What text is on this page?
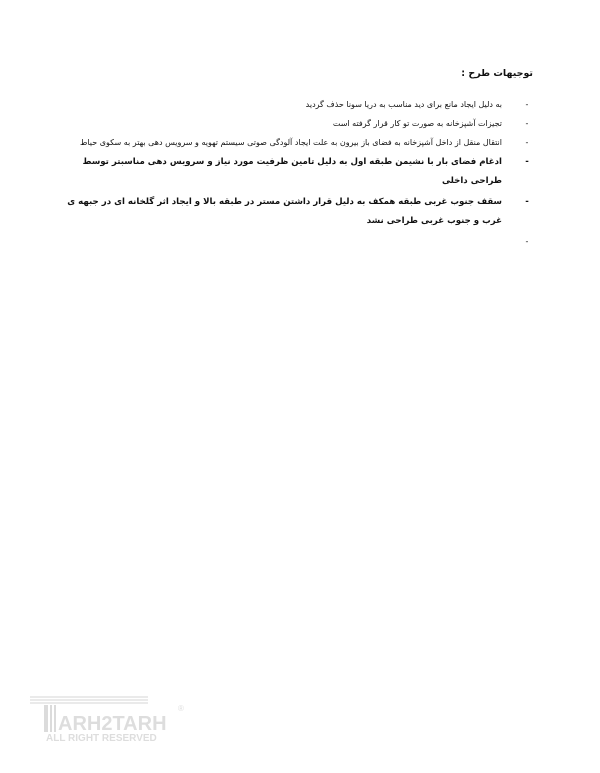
توجیهات طرح :
-
به دلیل ایجاد مانع برای دید مناسب به دریا سونا حذف گردید
-
تجیزات آشپزخانه به صورت تو کار قرار گرفته است
-
انتقال منقل از داخل آشپزخانه به فضای باز بیرون به علت ایجاد آلودگی صوتی سیستم تهویه و سرویس دهی بهتر به سکوی حیاط
-
ادغام فضای بار با نشیمن طبقه اول به دلیل تامین ظرفیت مورد نیاز و سرویس دهی مناسبتر توسط طراحی داخلی
-
سقف جنوب غربی طبقه همکف به دلیل قرار داشتن مستر در طبقه بالا و ایجاد اثر گلخانه ای در جبهه ی غرب و جنوب غربی طراحی نشد
-
ARH2TARH
®
ALL RIGHT RESERVED
